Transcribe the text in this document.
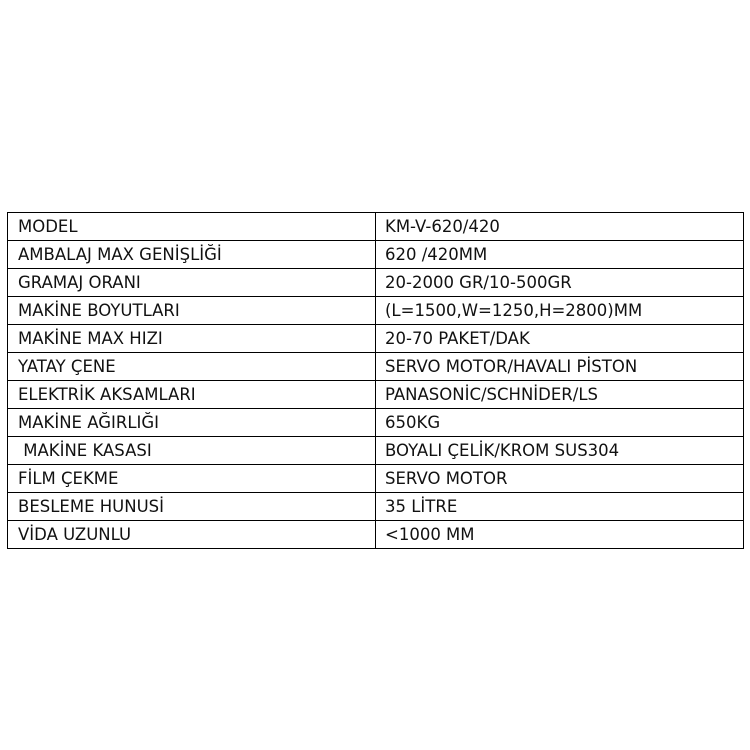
MODEL	KM-V-620/420
AMBALAJ MAX GENİŞLİĞİ	620 /420MM
GRAMAJ ORANI	20-2000 GR/10-500GR
MAKİNE BOYUTLARI	(L=1500,W=1250,H=2800)MM
MAKİNE MAX HIZI	20-70 PAKET/DAK
YATAY ÇENE	SERVO MOTOR/HAVALI PİSTON
ELEKTRİK AKSAMLARI	PANASONİC/SCHNİDER/LS
MAKİNE AĞIRLIĞI	650KG
MAKİNE KASASI	BOYALI ÇELİK/KROM SUS304
FİLM ÇEKME	SERVO MOTOR
BESLEME HUNUSİ	35 LİTRE
VİDA UZUNLU	<1000 MM
